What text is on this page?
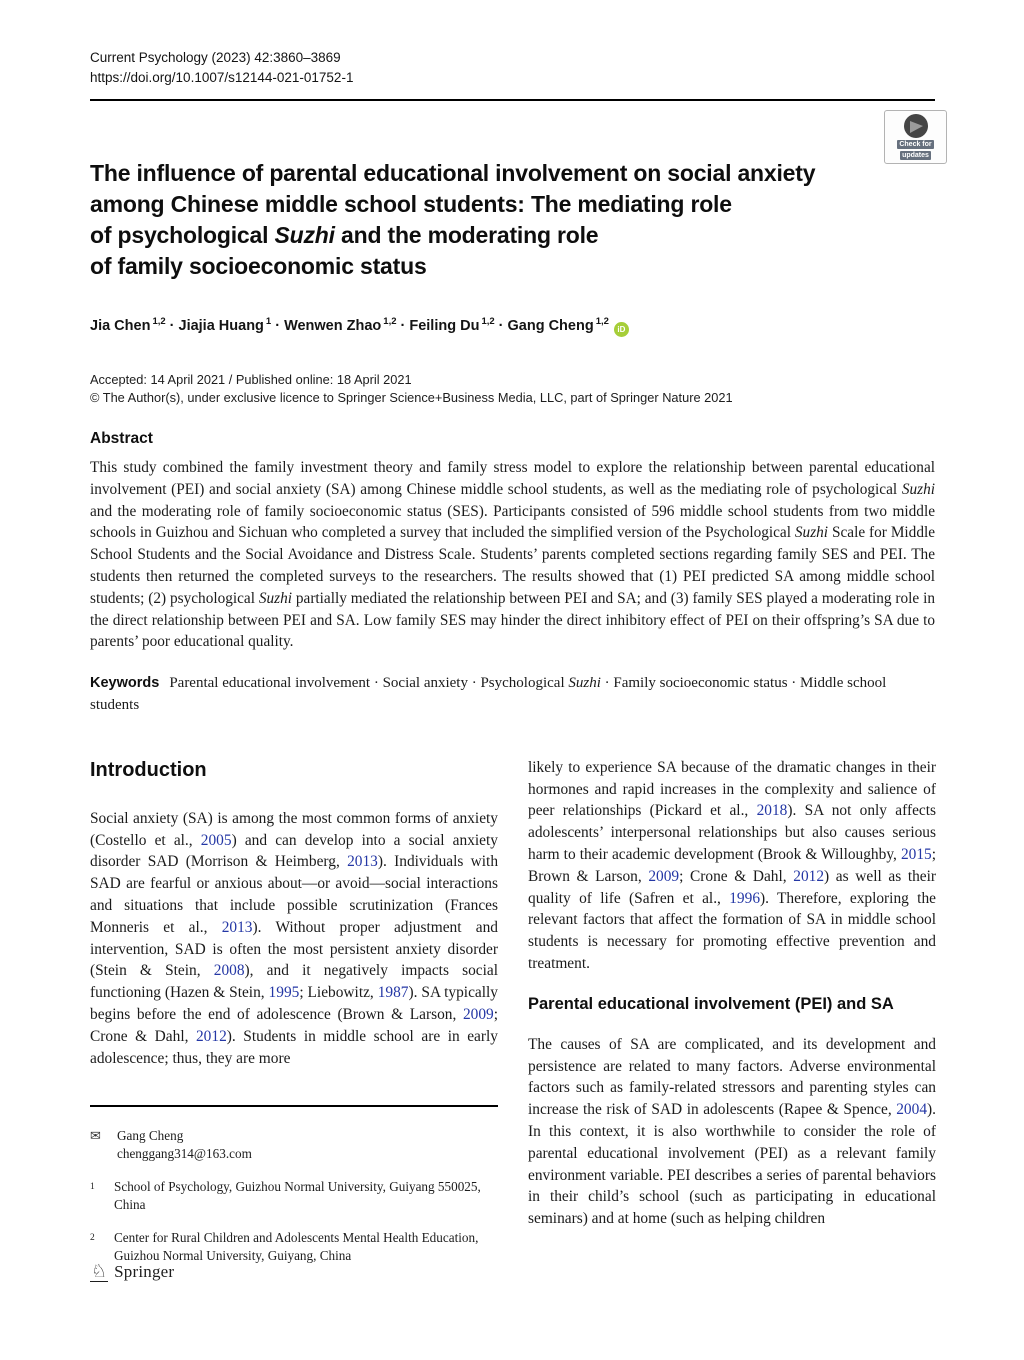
Check for
updates
Current Psychology (2023) 42:3860–3869
https://doi.org/10.1007/s12144-021-01752-1
The influence of parental educational involvement on social anxiety
among Chinese middle school students: The mediating role
of psychological Suzhi and the moderating role
of family socioeconomic status
Jia Chen $^{1,2}$ · Jiajia Huang $^1$ · Wenwen Zhao $^{1,2}$ · Feiling Du $^{1,2}$ · Gang Cheng $^{1,2}$iD
Accepted: 14 April 2021 / Published online: 18 April 2021
© The Author(s), under exclusive licence to Springer Science+Business Media, LLC, part of Springer Nature 2021
Abstract

This study combined the family investment theory and family stress model to explore the relationship between parental educational involvement (PEI) and social anxiety (SA) among Chinese middle school students, as well as the mediating role of psychological Suzhi and the moderating role of family socioeconomic status (SES). Participants consisted of 596 middle school students from two middle schools in Guizhou and Sichuan who completed a survey that included the simplified version of the Psychological Suzhi Scale for Middle School Students and the Social Avoidance and Distress Scale. Students’ parents completed sections regarding family SES and PEI. The students then returned the completed surveys to the researchers. The results showed that (1) PEI predicted SA among middle school students; (2) psychological Suzhi partially mediated the relationship between PEI and SA; and (3) family SES played a moderating role in the direct relationship between PEI and SA. Low family SES may hinder the direct inhibitory effect of PEI on their offspring’s SA due to parents’ poor educational quality.

Keywords Parental educational involvement · Social anxiety · Psychological Suzhi · Family socioeconomic status · Middle school students
Introduction

Social anxiety (SA) is among the most common forms of anxiety (Costello et al., 2005) and can develop into a social anxiety disorder SAD (Morrison & Heimberg, 2013). Individuals with SAD are fearful or anxious about—or avoid—social interactions and situations that include possible scrutinization (Frances Monneris et al., 2013). Without proper adjustment and intervention, SAD is often the most persistent anxiety disorder (Stein & Stein, 2008), and it negatively impacts social functioning (Hazen & Stein, 1995; Liebowitz, 1987). SA typically begins before the end of adolescence (Brown & Larson, 2009; Crone & Dahl, 2012). Students in middle school are in early adolescence; thus, they are more

✉	Gang Cheng
chenggang314@163.com
1	School of Psychology, Guizhou Normal University, Guiyang 550025, China
2	Center for Rural Children and Adolescents Mental Health Education, Guizhou Normal University, Guiyang, China

likely to experience SA because of the dramatic changes in their hormones and rapid increases in the complexity and salience of peer relationships (Pickard et al., 2018). SA not only affects adolescents’ interpersonal relationships but also causes serious harm to their academic development (Brook & Willoughby, 2015; Brown & Larson, 2009; Crone & Dahl, 2012) as well as their quality of life (Safren et al., 1996). Therefore, exploring the relevant factors that affect the formation of SA in middle school students is necessary for promoting effective prevention and treatment.

Parental educational involvement (PEI) and SA

The causes of SA are complicated, and its development and persistence are related to many factors. Adverse environmental factors such as family-related stressors and parenting styles can increase the risk of SAD in adolescents (Rapee & Spence, 2004). In this context, it is also worthwhile to consider the role of parental educational involvement (PEI) as a relevant family environment variable. PEI describes a series of parental behaviors in their child’s school (such as participating in educational seminars) and at home (such as helping children

♘ Springer
